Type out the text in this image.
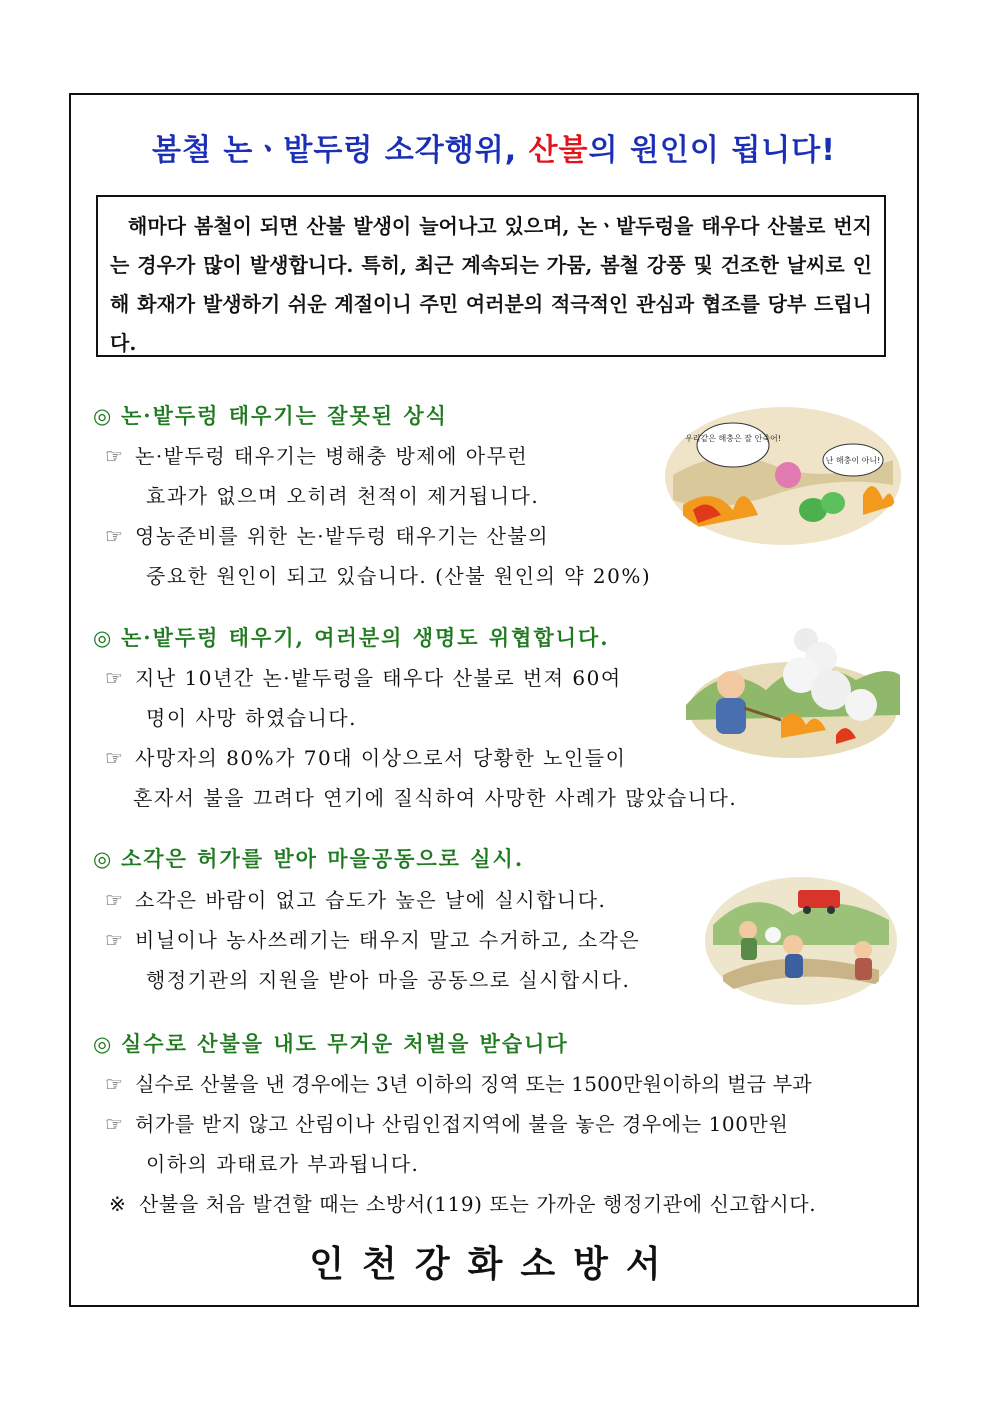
봄철 논ㆍ밭두렁 소각행위, 산불의 원인이 됩니다!

해마다 봄철이 되면 산불 발생이 늘어나고 있으며, 논ㆍ밭두렁을 태우다 산불로 번지는 경우가 많이 발생합니다. 특히, 최근 계속되는 가뭄, 봄철 강풍 및 건조한 날씨로 인해 화재가 발생하기 쉬운 계절이니 주민 여러분의 적극적인 관심과 협조를 당부 드립니다.

◎ 논·밭두렁 태우기는 잘못된 상식
☞ 논·밭두렁 태우기는 병해충 방제에 아무런
효과가 없으며 오히려 천적이 제거됩니다.
☞ 영농준비를 위한 논·밭두렁 태우기는 산불의
중요한 원인이 되고 있습니다. (산불 원인의 약 20%)
우리같은 해충은 잘 안죽어!
난 해충이 아니!
◎ 논·밭두렁 태우기, 여러분의 생명도 위협합니다.
☞ 지난 10년간 논·밭두렁을 태우다 산불로 번져 60여
명이 사망 하였습니다.
☞ 사망자의 80%가 70대 이상으로서 당황한 노인들이
혼자서 불을 끄려다 연기에 질식하여 사망한 사례가 많았습니다.
◎ 소각은 허가를 받아 마을공동으로 실시.
☞ 소각은 바람이 없고 습도가 높은 날에 실시합니다.
☞ 비닐이나 농사쓰레기는 태우지 말고 수거하고, 소각은
행정기관의 지원을 받아 마을 공동으로 실시합시다.
◎ 실수로 산불을 내도 무거운 처벌을 받습니다
☞ 실수로 산불을 낸 경우에는 3년 이하의 징역 또는 1500만원이하의 벌금 부과
☞ 허가를 받지 않고 산림이나 산림인접지역에 불을 놓은 경우에는 100만원
이하의 과태료가 부과됩니다.
※ 산불을 처음 발견할 때는 소방서(119) 또는 가까운 행정기관에 신고합시다.
인천강화소방서
